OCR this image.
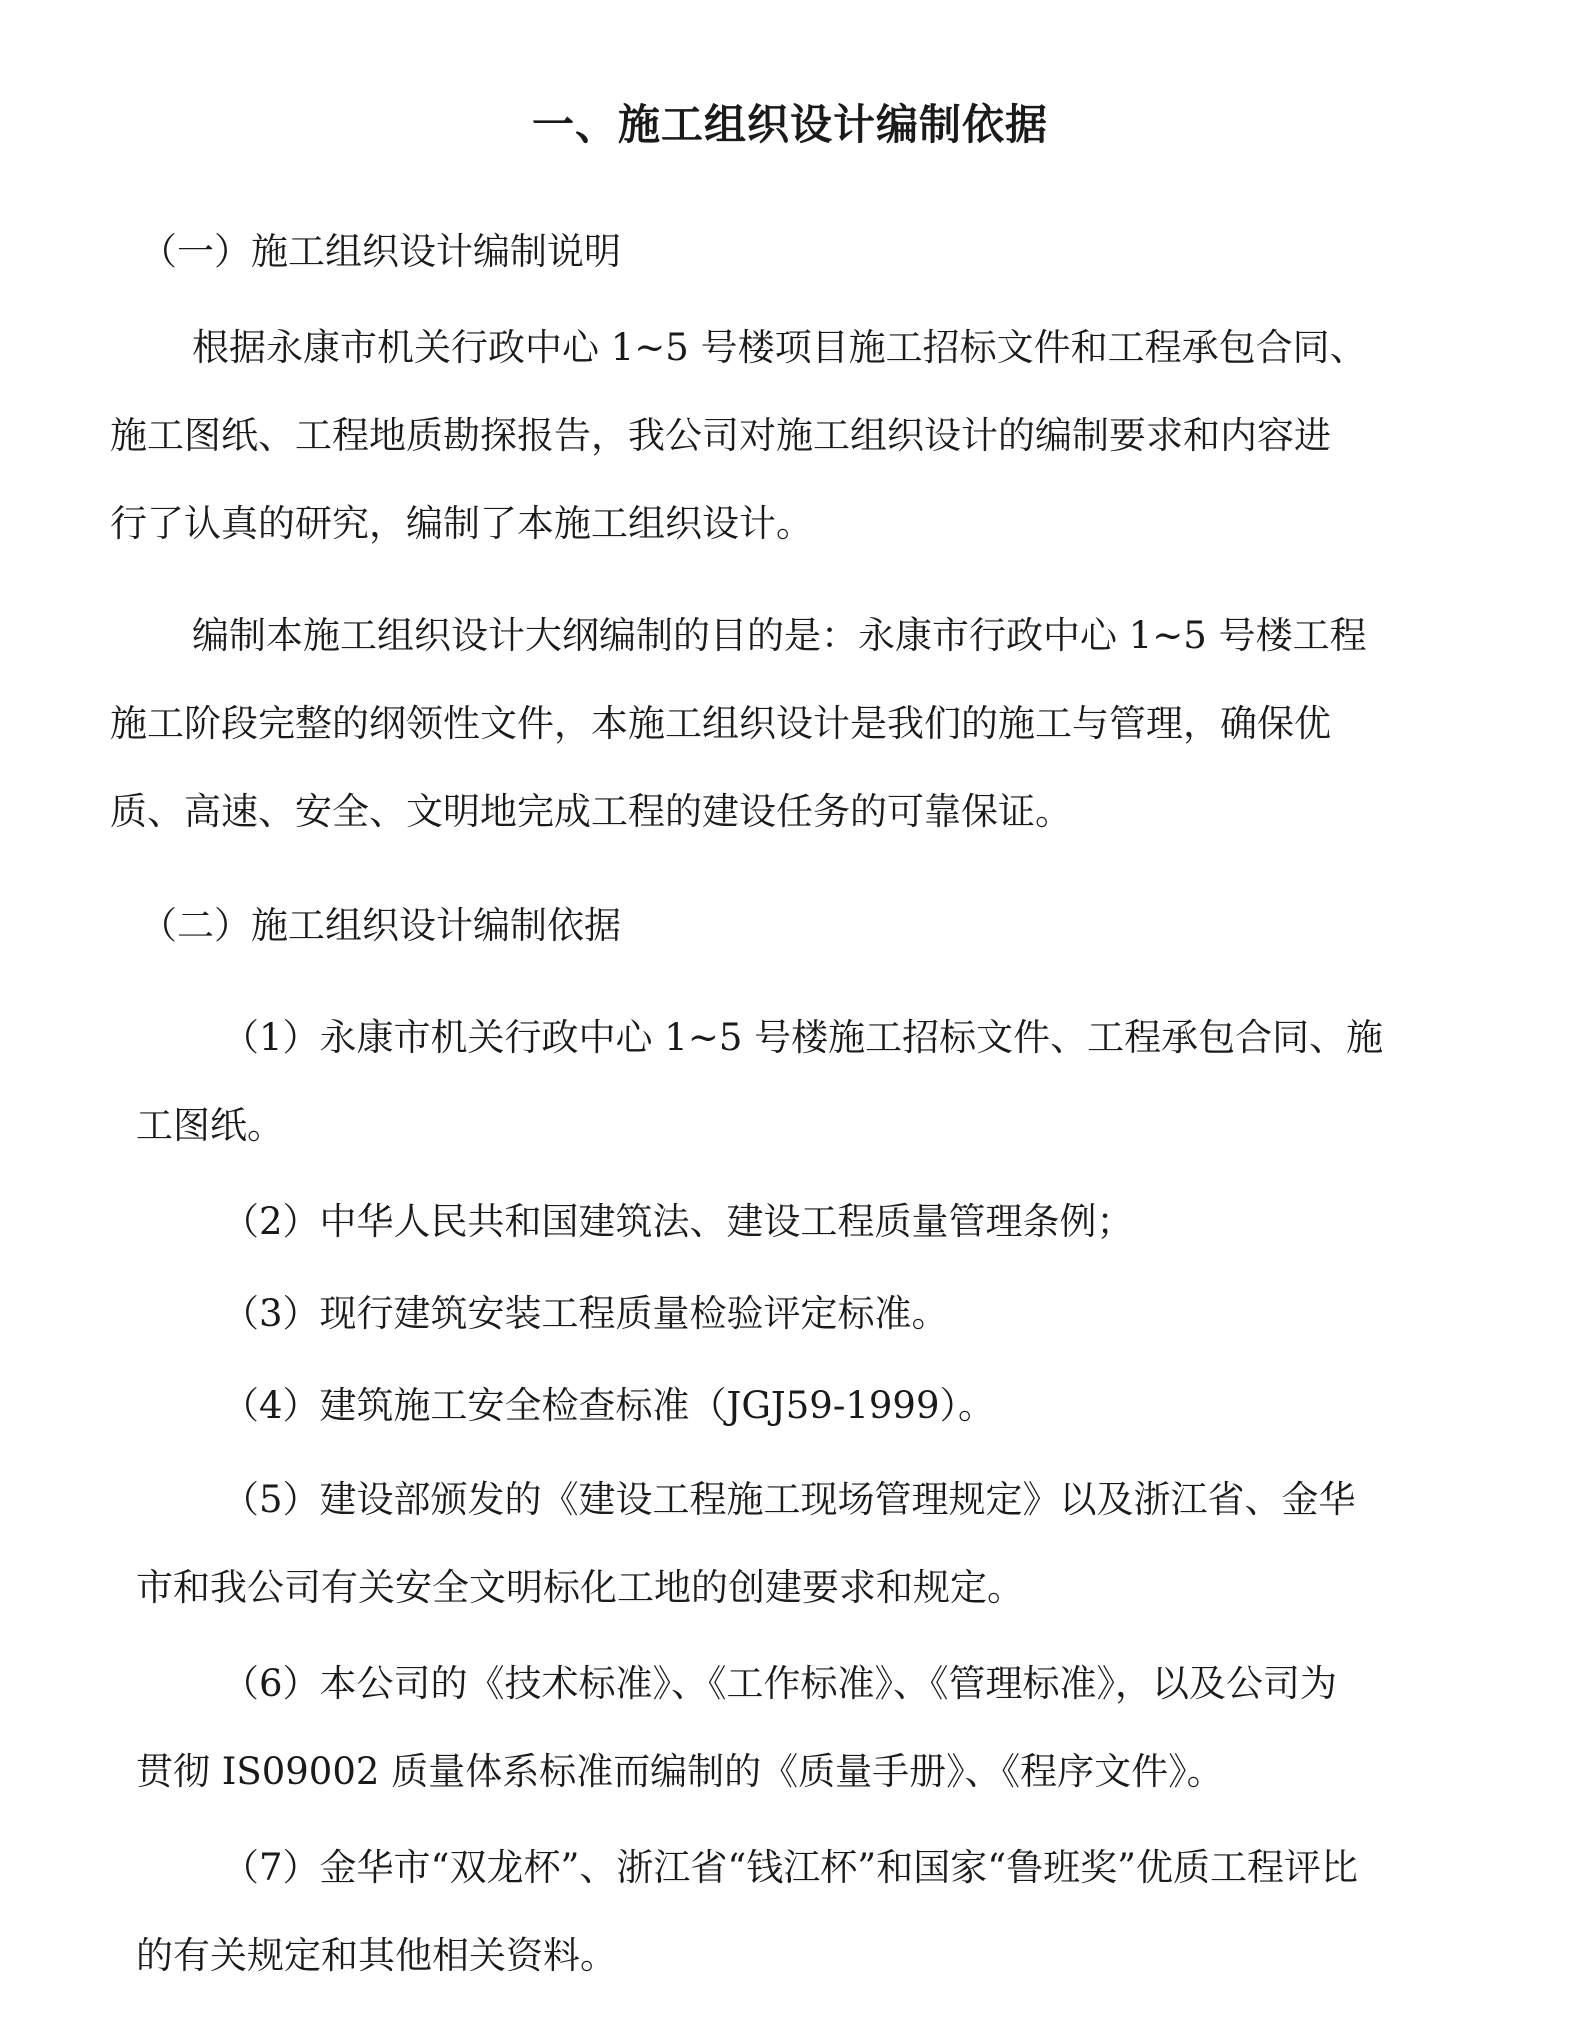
一、施工组织设计编制依据
（一）施工组织设计编制说明
根据永康市机关行政中心 1~5 号楼项目施工招标文件和工程承包合同、
施工图纸、工程地质勘探报告，我公司对施工组织设计的编制要求和内容进
行了认真的研究，编制了本施工组织设计。
编制本施工组织设计大纲编制的目的是：永康市行政中心 1~5 号楼工程
施工阶段完整的纲领性文件，本施工组织设计是我们的施工与管理，确保优
质、高速、安全、文明地完成工程的建设任务的可靠保证。
（二）施工组织设计编制依据
（1）永康市机关行政中心 1~5 号楼施工招标文件、工程承包合同、施
工图纸。
（2）中华人民共和国建筑法、建设工程质量管理条例；
（3）现行建筑安装工程质量检验评定标准。
（4）建筑施工安全检查标准（JGJ59-1999）。
（5）建设部颁发的《建设工程施工现场管理规定》以及浙江省、金华
市和我公司有关安全文明标化工地的创建要求和规定。
（6）本公司的《技术标准》、《工作标准》、《管理标准》，以及公司为
贯彻 IS09002 质量体系标准而编制的《质量手册》、《程序文件》。
（7）金华市“双龙杯”、浙江省“钱江杯”和国家“鲁班奖”优质工程评比
的有关规定和其他相关资料。
